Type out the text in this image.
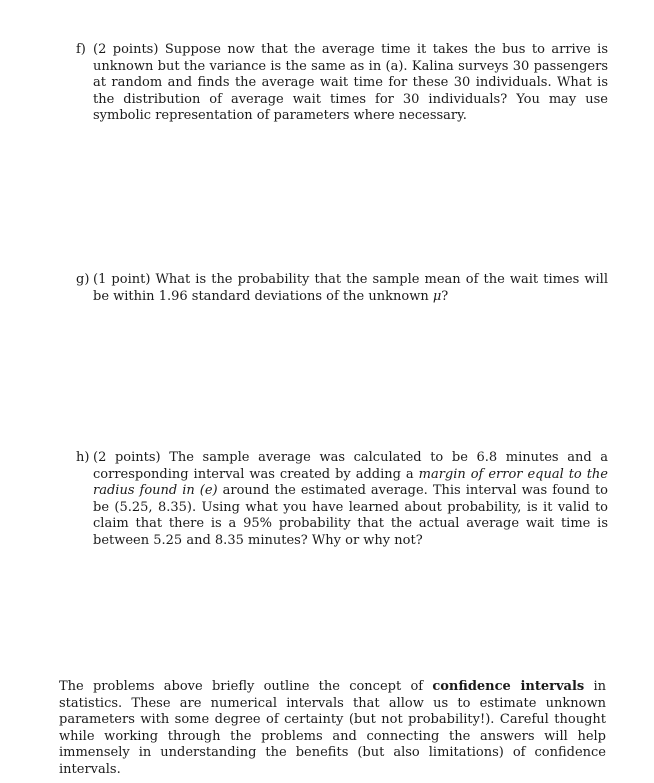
f) (2 points) Suppose now that the average time it takes the bus to arrive is unknown but the variance is the same as in (a). Kalina surveys 30 passengers at random and finds the average wait time for these 30 individuals. What is the distribution of average wait times for 30 individuals? You may use symbolic representation of parameters where necessary.
g) (1 point) What is the probability that the sample mean of the wait times will be within 1.96 standard deviations of the unknown μ?
h) (2 points) The sample average was calculated to be 6.8 minutes and a corresponding interval was created by adding a margin of error equal to the radius found in (e) around the estimated average. This interval was found to be (5.25, 8.35). Using what you have learned about probability, is it valid to claim that there is a 95% probability that the actual average wait time is between 5.25 and 8.35 minutes? Why or why not?
The problems above briefly outline the concept of confidence intervals in statistics. These are numerical intervals that allow us to estimate unknown parameters with some degree of certainty (but not probability!). Careful thought while working through the problems and connecting the answers will help immensely in understanding the benefits (but also limitations) of confidence intervals.
